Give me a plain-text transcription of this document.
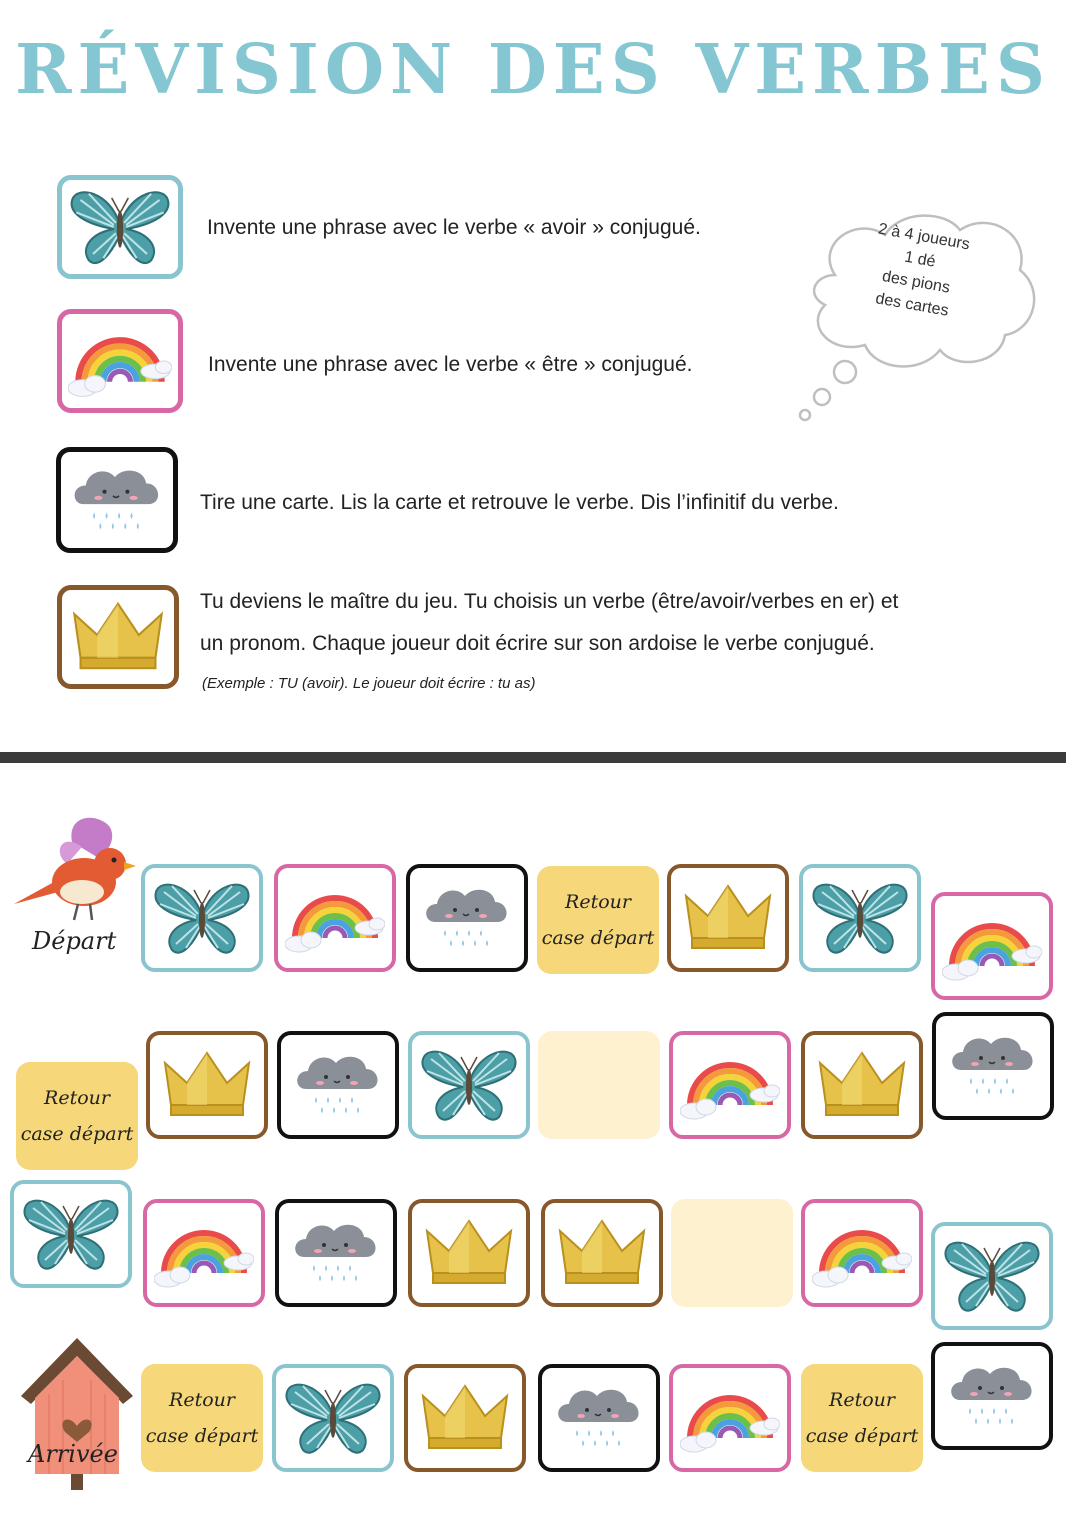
RÉVISION DES VERBES
Invente une phrase avec le verbe « avoir » conjugué.
Invente une phrase avec le verbe « être » conjugué.
Tire une carte. Lis la carte et retrouve le verbe. Dis l’infinitif du verbe.
Tu deviens le maître du jeu. Tu choisis un verbe (être/avoir/verbes en er) et
un pronom. Chaque joueur doit écrire sur son ardoise le verbe conjugué.
(Exemple : TU (avoir). Le joueur doit écrire : tu as)
2 à 4 joueurs
1 dé
des pions
des cartes
Départ
Retour
case départ
Retour
case départ
Arrivée
Retour
case départ
Retour
case départ
